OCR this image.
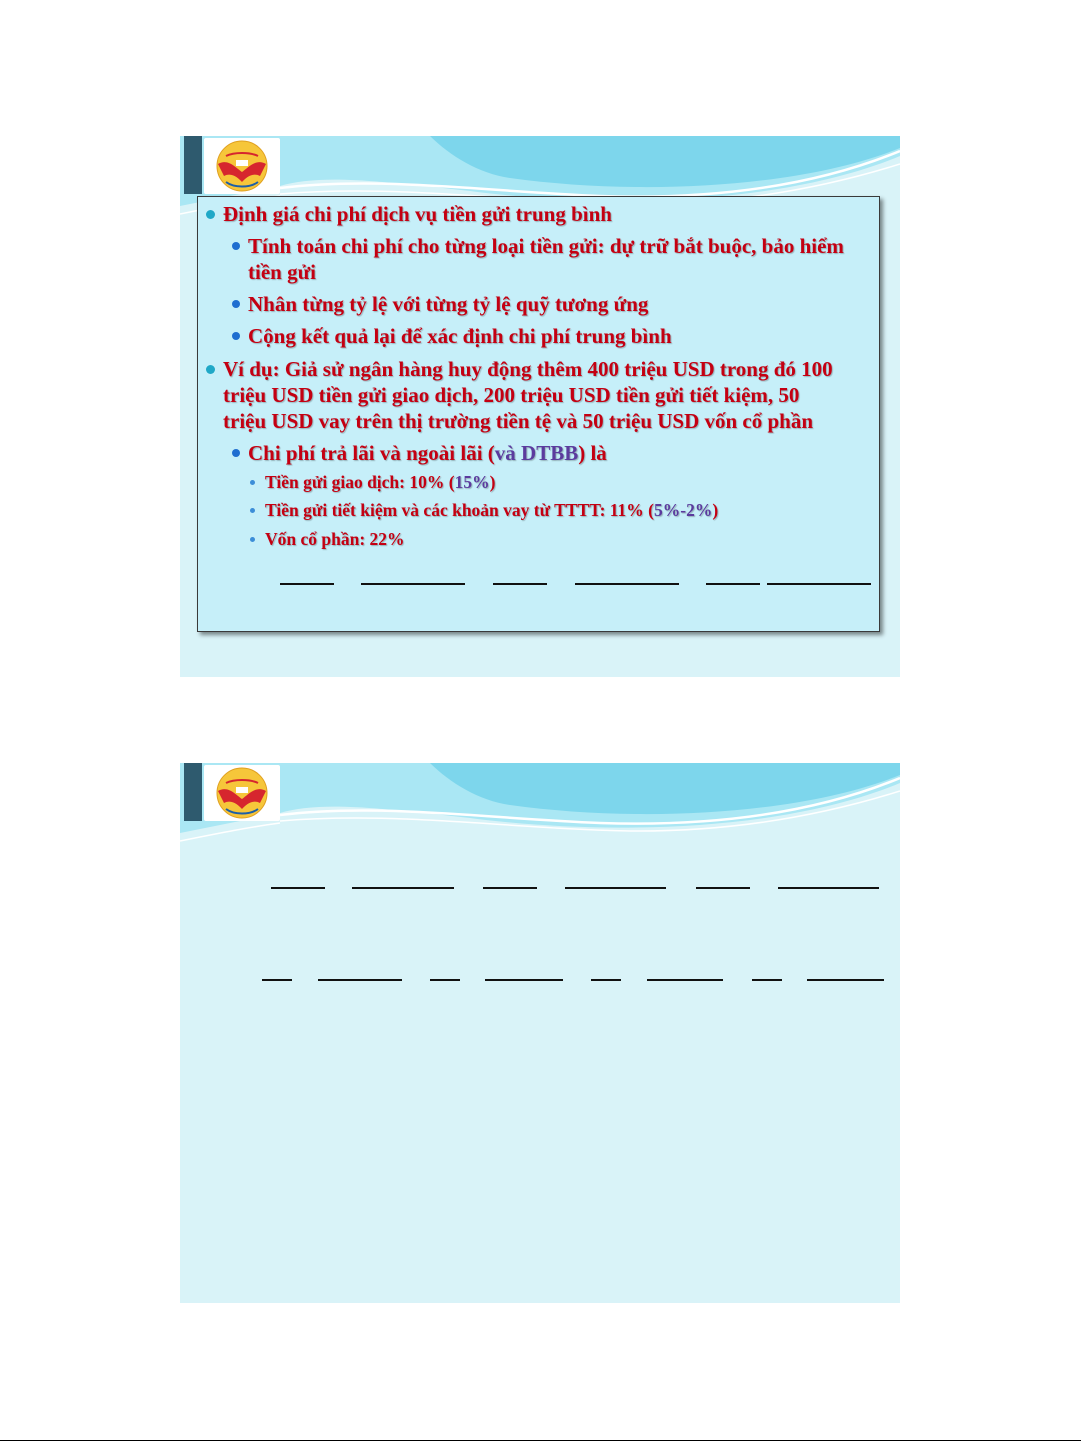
Định giá chi phí dịch vụ tiền gửi trung bình
Tính toán chi phí cho từng loại tiền gửi: dự trữ bắt buộc, bảo hiểm
tiền gửi
Nhân từng tỷ lệ với từng tỷ lệ quỹ tương ứng
Cộng kết quả lại để xác định chi phí trung bình
Ví dụ: Giả sử ngân hàng huy động thêm 400 triệu USD trong đó 100
triệu USD tiền gửi giao dịch, 200 triệu USD tiền gửi tiết kiệm, 50
triệu USD vay trên thị trường tiền tệ và 50 triệu USD vốn cổ phần
Chi phí trả lãi và ngoài lãi (và DTBB) là
Tiền gửi giao dịch: 10% (15%)
Tiền gửi tiết kiệm và các khoản vay từ TTTT: 11% (5%-2%)
Vốn cổ phần: 22%
